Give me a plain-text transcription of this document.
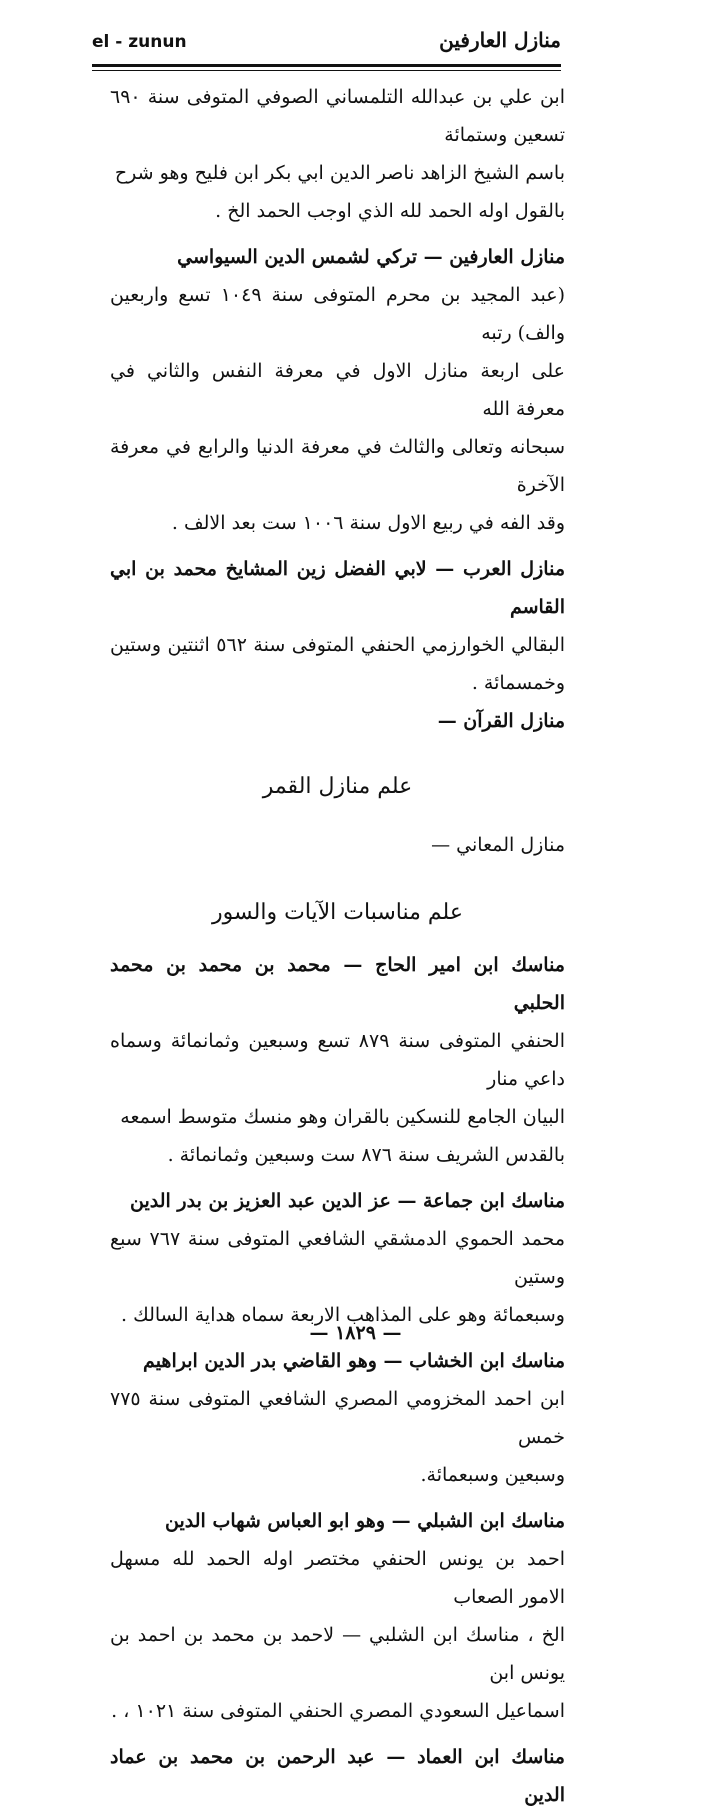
el - zunun	منازل العارفين
ابن علي بن عبدالله التلمساني الصوفي المتوفى سنة ٦٩٠ تسعين وستمائة
باسم الشيخ الزاهد ناصر الدين ابي بكر ابن فليح وهو شرح
بالقول اوله الحمد لله الذي اوجب الحمد الخ .
منازل العارفين — تركي لشمس الدين السيواسي
(عبد المجيد بن محرم المتوفى سنة ١٠٤٩ تسع واربعين والف) رتبه
على اربعة منازل الاول في معرفة النفس والثاني في معرفة الله
سبحانه وتعالى والثالث في معرفة الدنيا والرابع في معرفة الآخرة
وقد الفه في ربيع الاول سنة ١٠٠٦ ست بعد الالف .
منازل العرب — لابي الفضل زين المشايخ محمد بن ابي القاسم
البقالي الخوارزمي الحنفي المتوفى سنة ٥٦٢ اثنتين وستين وخمسمائة .
منازل القرآن —
علم منازل القمر
منازل المعاني —
علم مناسبات الآيات والسور
مناسك ابن امير الحاج — محمد بن محمد بن محمد الحلبي
الحنفي المتوفى سنة ٨٧٩ تسع وسبعين وثمانمائة وسماه داعي منار
البيان الجامع للنسكين بالقران وهو منسك متوسط اسمعه
بالقدس الشريف سنة ٨٧٦ ست وسبعين وثمانمائة .
مناسك ابن جماعة — عز الدين عبد العزيز بن بدر الدين
محمد الحموي الدمشقي الشافعي المتوفى سنة ٧٦٧ سبع وستين
وسبعمائة وهو على المذاهب الاربعة سماه هداية السالك .
مناسك ابن الخشاب — وهو القاضي بدر الدين ابراهيم
ابن احمد المخزومي المصري الشافعي المتوفى سنة ٧٧٥ خمس
وسبعين وسبعمائة.
مناسك ابن الشبلي — وهو ابو العباس شهاب الدين
احمد بن يونس الحنفي مختصر اوله الحمد لله مسهل الامور الصعاب
الخ ، مناسك ابن الشلبي — لاحمد بن محمد بن احمد بن يونس ابن
اسماعيل السعودي المصري الحنفي المتوفى سنة ١٠٢١ ، .
مناسك ابن العماد — عبد الرحمن بن محمد بن عماد الدين
— ١٨٢٩ —
